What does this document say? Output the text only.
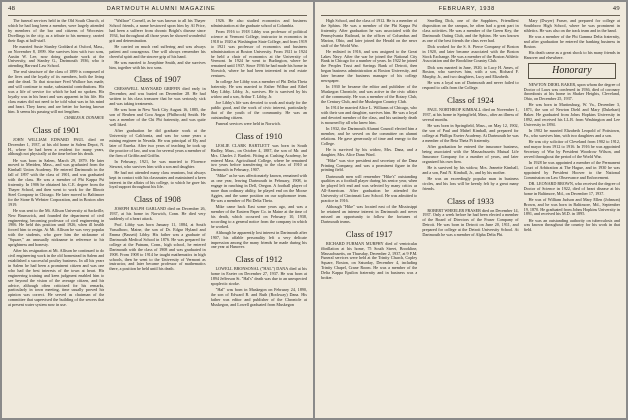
48	DARTMOUTH ALUMNI MAGAZINE

The funeral services held in the Old South Church, of which he had long been a member, were largely attended by members of the bar and citizens of Worcester. Dwellings in the city, as a tribute to his memory, carried their flags at half-staff.

He married Susie Stanley Goddard at Oxford, Mass., on November 8, 1899. She survives him with two sons, Austin W. Lee, now doing graduate work at the University, and Stanley G., Dartmouth 1936, who is attending Harvard Law School.

The real structure of the class of 1899 is composed of the lives and the loyalty of its members, both the living and the dead. To that structure Fred Wallace has made, and will continue to make, substantial contributions. His was a life of service for which he had no spoken. His loyalty was in his heart and was apparent in his life. His class mates did not need to be told what was in his mind and heart. They knew, and are better for having known him. It seems his passing will not lengthen.

CHARLES H. DONAHUE
Class of 1901

JOHN WILLIAM EDWARD PAUL died on December 1, 1937, at his old home in Salem Depot, N. H., where he had been a resident for many years, although not physically at the time before his death.

He was born in Salem, March 29, 1879. He later moved to Meriden, Mass., and was graduated from the Kimball Union Academy. He entered Dartmouth in the fall of 1897 with the class of 1901, and was graduated with the class. He was a member of Phi Kappa Psi fraternity. In 1906 he obtained his C.E. degree from the Thayer School, and then went to work for the Illinois Steel Company in Chicago. He later moved to Baltimore for the Stone & Webster Corporation, and in Boston after 1919.

He was sent to the Mt. Allison University at Sackville, New Brunswick, and founded the department of civil engineering, becoming professor of civil engineering in 1906. He held this position until 1926, when ill health forced him to resign. At Mt. Allison he was very popular with the students, who gave him the nickname of "Square," an unusually nickname in reference to his uprightness and honesty.

After his resignation at Mt. Allison he continued to do civil engineering work in the old homestead in Salem and established a successful poultry business. In all his years in Salem he had been a prominent citizen and was one who had the best interests of the town at heart. His engineering training and keen judgment enabled him to see beyond the vision of the average citizen, and his advice, although often criticized for his remarks, particularly in town meeting, time usually proved his opinion was correct. He served as chairman of the committee that supervised the building of the sewers that at present water system now in use.

"Wallace" Cornell, as he was known to all his Thayer School friends, a name bestowed upon him by Al Price, had been a sufferer from chronic Bright's disease since 1934, but throughout all those years he showed wonderful grit and determination.

He carried on much real suffering and was always patient and courageous. One will always remember his cheerful spirit and the sincere grip of his hand.

He was married to Josephine Smith, and she survives him, together with his two sons.

Class of 1907

CRESSWELL MAYNARD GRIFFIN died early in December, and was buried on December 28. He had written to his class treasurer that he was seriously sick and was taking treatments.

He was born in New York City August 16, 1885, the son of Reuben and Cora Angus (Philbrook) Smith. He was a member of the Chi Phi fraternity, and was quite well liked.

After graduation he did graduate work at the University of California, and was for some years a mining engineer in Nevada. He was principal of Ely and later of Eureka. After two years of teaching he took up the practice of law, and was for several years a member of the firm of Griffin and Griffin.

In February, 1921, he was married to Florence Stewart, who survives him with a son and daughter.

He had not attended many class reunions, but always kept in contact with his classmates and maintained a keen interest in the affairs of his college, to which he gave his loyal support throughout his life.

Class of 1908

JOSEPH RALPH GARLAND died on December 26, 1937, at his home in Norwich, Conn. He died very suddenly of a heart attack.

Prof. Libby was born January 11, 1884, at South Vassalboro, Maine, the son of Dr. Edgar Hyland and Emma (Bassett) Libby. His father was a graduate of Dartmouth Medical School in 1876. He was prepared for college at the Putnam, Conn., high school, he entered Dartmouth with the class of 1908 and was graduated in 1908. From 1908 to 1914 he taught mathematics in high schools, then he went to the University of Vermont as instructor, and later became professor of mathematics there, a position he held until his death.

1926. He also studied economics and business administration at the graduate school at Columbia.

From 1916 to 1918 Libby was professor of political science at Vermont College, instructor in economics in 1918 to 1920 at Washington State College, and from 1919 to 1921 was professor of economics and business administration at Boston University. From 1921 to 1924 he held a chair of economics at the University of Vermont. In 1924 he went to Burlington, where he remained until 1937. Since 1936 he had made his home in Norwich, where he had been interested in real estate ventures.

In college Joe Libby was a member of Phi Delta Theta fraternity. He was married to Esther Wilbur and Ethel May Libby. Libby, Jr., survives. He is survived by his widow and a son, Arthur T. Libby, Jr.

Joe Libby's life was devoted to work and study for the public good, and the work of civic interest, particularly that of the youth of the community. He was an outstanding citizen.

Funeral services were held in Norwich.

Class of 1910

LESLIE CLARK BARTLETT was born in South Hadley, Mass., on October 4, 1887, the son of Mr. and Mrs. Charles J. Bartlett. Fitting at Cushing Academy, he entered Mass. Agricultural College, where he remained two years before transferring to the class of 1910 at Dartmouth in February, 1907.

"Mike" as he was affectionately known, remained with us one year, leaving Dartmouth in February, 1908, to engage in ranching in Dell, Oregon. A football player of more than ordinary ability, he played end on the Moose Aggies, and the same position on our sophomore team. He was a member of Phi Delta Theta.

Mike came back East some years ago, and was a member of the Eastern Paper Co. in Maine at the time of his death, which occurred on February 10, 1938, according to a general notice from the company in which he worked.

Although he apparently lost interest in Dartmouth after 1907, his affable personality left a very delicate impression among the many friends he made during his one year at Hanover.

Class of 1912

LOWELL BRONSONAL ("HAL") DANA died at his home in Exeter on December 27, 1937. He was born at 1894 Jefferson St. "Hal's" death was due to an unexpected apoplectic stroke.

"Hal" was born in Muskegon on February 24, 1890, the son of Edward B. and Ruth (Rockway) Dana. His father was editor and publisher of the Chronicle at Muskegon, and Lowell graduated from Muskegon

FEBRUARY, 1938	49

High School, and the class of 1912. He is a member of the Sphinx. He was a member of the Phi Kappa Psi fraternity. After graduation he was associated with the Pennsylvania Railroad, in the offices of Columbus and Marion, Ohio, and later joined the Herald on the news staff of the World War.

He enlisted in 1916, and was assigned to the Great Lakes Navy. After the war he joined the National City Bank in Chicago for a number of years. In 1922 he joined the Peoples Trust and Savings Bank of Detroit, then began business administration at Boston University, and later became the business manager of his college newspaper.

In 1930 he became the editor and publisher of the Muskegon Chronicle, and was active in the civic affairs of the community. He was a member of the Rotary Club, the Century Club, and the Muskegon Country Club.

In 1914 he married Alice L. Williams of Chicago, who with their son and daughter, survives him. He was a loyal and devoted member of the class, and his untimely death is mourned by all who knew him.

In 1932, the Dartmouth Alumni Council elected him a member, and he served on the committee on alumni relations. He gave generously of time and energy to the College.

He is survived by his widow, Mrs. Dana, and a daughter, Mrs. Alice Dana Ward.

"Hike" was vice president and secretary of the Dana Printing Company, and was a prominent figure in the printing field.

Dartmouth men will remember "Hike's" outstanding qualities as a football player during his senior year, when he played left end and was selected by many critics as All-American. After graduation he attended the University of Cincinnati Law School. He was admitted to practice in 1916.

Although "Hike" was located east of the Mississippi he retained an intense interest in Dartmouth and never missed an opportunity to follow the fortunes of Dartmouth teams.

Class of 1917

RICHARD FURMAN MURPHY died of ventricular fibrillation at his home, 75 South Street, Brookline, Massachusetts, on Thursday, December 2, 1937, at 9 P.M. Funeral services were held at the Trinity Church, Copley Square, Boston, on Saturday, December 4, including Trinity Chapel, Crane Room. He was a member of the Delta Kappa Epsilon fraternity and in business was a broker.

Smelling Dick, one of the Sapphires, Friendliest disposition on the campus, he often had a great part in class activities. He was a member of the Green Key, the Dartmouth Outing Club, and the Sphinx. He was known as one of the best friends the class ever had.

Dick worked for the S. S. Pierce Company of Boston in 1920, and later became associated with the Boston Stock Exchange. He was a member of the Boston Athletic Association and the Brookline Country Club.

Dick was married in June, 1920, to Lucy H. Ames, of Boston, who survives him, with a son, Richard F. Murphy, Jr., and two daughters, Lucy and Elizabeth.

He was a loyal son of Dartmouth and never failed to respond to calls from the College.

Class of 1924

PAUL NORTHROP KIMBALL died on November 1, 1937, at his home in Springfield, Mass., after an illness of several months.

He was born in Springfield, Mass., on May 12, 1902, the son of Paul and Mabel Kimball, and prepared for college at Phillips Exeter Academy. At Dartmouth he was a member of the Beta Theta Pi fraternity.

After graduation he entered the insurance business, being associated with the Massachusetts Mutual Life Insurance Company for a number of years, and later organized his own firm.

He is survived by his widow, Mrs. Jeanette Kimball, and a son, Paul N. Kimball, Jr., and by his mother.

He was an exceedingly popular man in business circles, and his loss will be keenly felt by a great many friends.

Class of 1933

ROBERT WHEELER FRASER died on December 14, 1937. Only a week before he had been elected a member of the Board of Directors of the Fraser Company of Detroit. He was born in Detroit on June 20, 1911, and prepared for college at the Detroit University School. At Dartmouth he was a member of Alpha Delta Phi.

Mary (Dwyer) Fraser, and prepared for college at Southboro High School, where he was prominent in athletics. He was also on the track team and in the band.

He was a member of the Phi Gamma Delta fraternity, and after graduation he entered the banking business in Boston.

His death came as a great shock to his many friends in Hanover and elsewhere.

Honorary

NEWTON DIEHL BAKER, upon whom the degree of Doctor of Laws was conferred in 1936, died of coronary thrombosis at his home in Shaker Heights, Cleveland, Ohio, on December 25, 1937.

He was born in Martinsburg, W. Va., December 3, 1871, the son of Newton Diehl and Mary (Dukehart) Baker. He graduated from Johns Hopkins University in 1892, and received his LL.B. from Washington and Lee University in 1894.

In 1902 he married Elizabeth Leopold of Pottstown, Pa., who survives him, with two daughters and a son.

He was city solicitor of Cleveland from 1902 to 1912, and mayor from 1912 to 1916. In 1916 he was appointed Secretary of War by President Woodrow Wilson, and served throughout the period of the World War.

In 1928 he was appointed a member of the Permanent Court of Arbitration at The Hague, and in 1930 he was appointed by President Hoover to the National Commission on Law Observance and Enforcement.

DR. LEONARD BROWN, who received the degree of Doctor of Science in 1922, died of heart disease at his home in Baltimore, Md., on December 17, 1937.

He was of William Judson and Mary Ellen (Johnson) Brown, and he was born in Baltimore, Md., September 19, 1870. He graduated from Johns Hopkins University in 1891, and received his M.D. in 1895.

He was an outstanding authority on tuberculosis and was known throughout the country for his work in that field.
